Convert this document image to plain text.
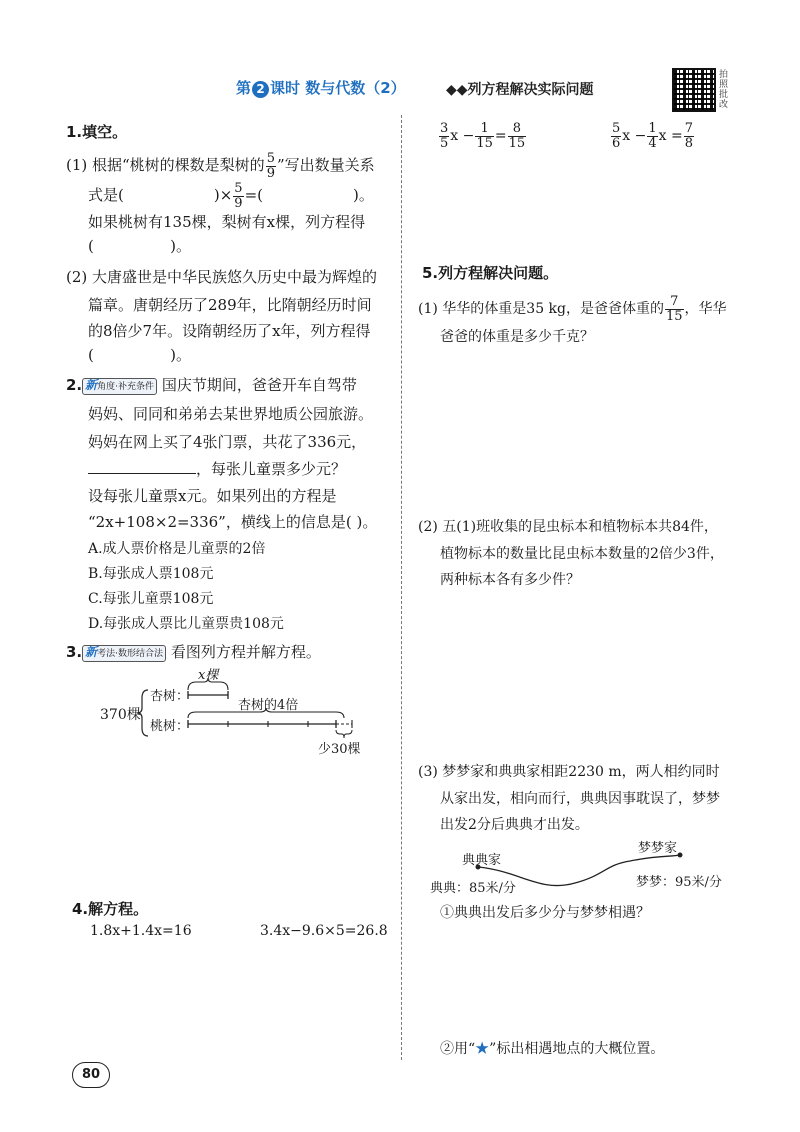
第 2 课时 数与代数（2）	◆◆列方程解决实际问题
拍照批改
1.填空。
(1) 根据“桃树的棵数是梨树的 $\frac{5}{9}$ ”写出数量关系
式是(	)× $\frac{5}{9}$ =(	)。
如果桃树有135棵，梨树有x棵，列方程得
(                )。
(2) 大唐盛世是中华民族悠久历史中最为辉煌的
篇章。唐朝经历了289年，比隋朝经历时间
的8倍少7年。设隋朝经历了x年，列方程得
(                )。
2. 新角度·补充条件 国庆节期间，爸爸开车自驾带
妈妈、同同和弟弟去某世界地质公园旅游。
妈妈在网上买了4张门票，共花了336元，
，每张儿童票多少元？
设每张儿童票x元。如果列出的方程是
“2x+108×2=336”，横线上的信息是( )。
A.成人票价格是儿童票的2倍
B.每张成人票108元
C.每张儿童票108元
D.每张成人票比儿童票贵108元
3. 新考法·数形结合法 看图列方程并解方程。
370棵
杏树：
x棵
桃树：
杏树的4倍
少30棵
4.解方程。
1.8x+1.4x=16	3.4x−9.6×5=26.8
$\frac{3}{5}$ $x - \frac{1}{15} = \frac{8}{15}$	$\frac{5}{6}$ $x - \frac{1}{4}$ $x = \frac{7}{8}$
5.列方程解决问题。
(1) 华华的体重是35 kg，是爸爸体重的 $\frac{7}{15}$ ，华华
爸爸的体重是多少千克？
(2) 五(1)班收集的昆虫标本和植物标本共84件，
植物标本的数量比昆虫标本数量的2倍少3件，
两种标本各有多少件？
(3) 梦梦家和典典家相距2230 m，两人相约同时
从家出发，相向而行，典典因事耽误了，梦梦
出发2分后典典才出发。
典典家
梦梦家
典典：85米/分	梦梦：95米/分
①典典出发后多少分与梦梦相遇？
②用“★”标出相遇地点的大概位置。
80
